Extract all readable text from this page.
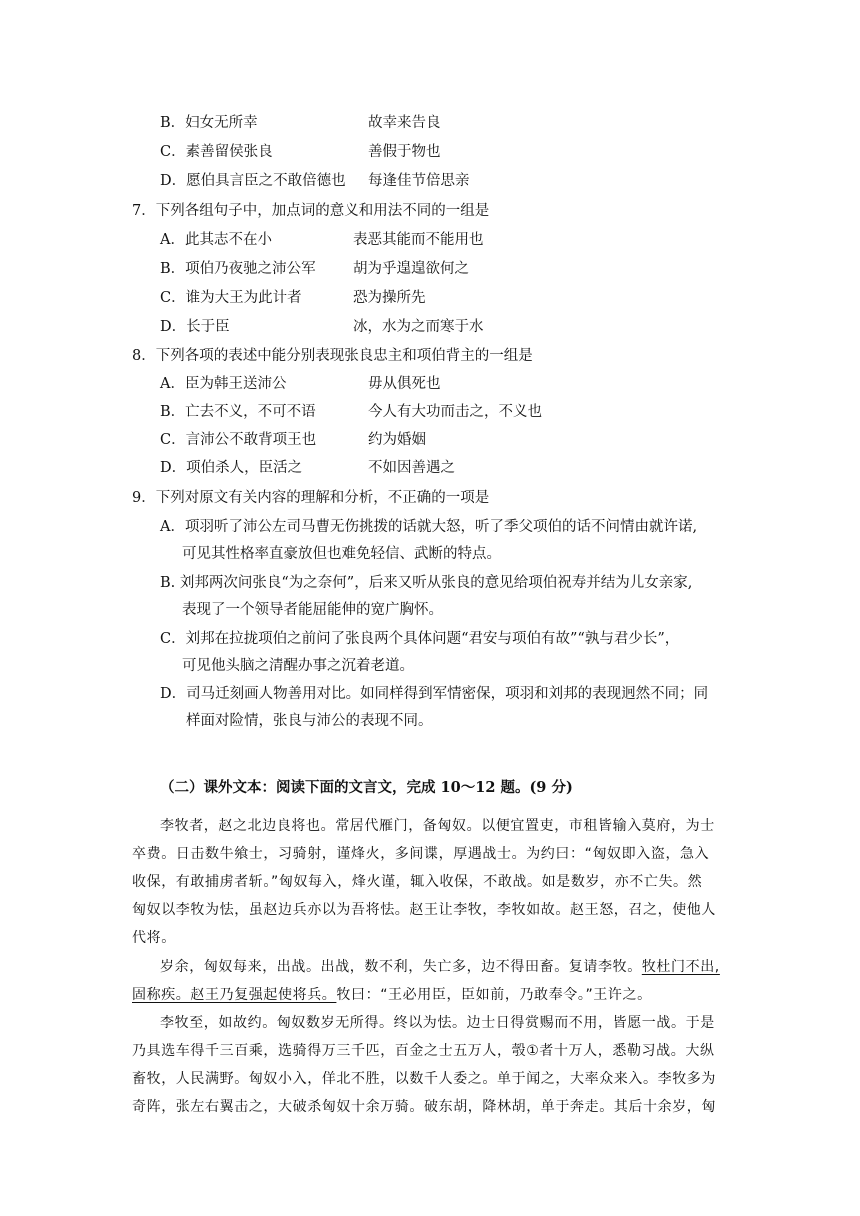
B．妇女无所幸	故幸来告良
C．素善留侯张良	善假于物也
D．愿伯具言臣之不敢倍德也 每逢佳节倍思亲
7．下列各组句子中，加点词的意义和用法不同的一组是
A．此其志不在小	表恶其能而不能用也
B．项伯乃夜驰之沛公军	胡为乎遑遑欲何之
C．谁为大王为此计者	恐为操所先
D．长于臣	冰，水为之而寒于水
8．下列各项的表述中能分别表现张良忠主和项伯背主的一组是
A．臣为韩王送沛公	毋从俱死也
B．亡去不义，不可不语	今人有大功而击之，不义也
C．言沛公不敢背项王也	约为婚姻
D．项伯杀人，臣活之	不如因善遇之
9．下列对原文有关内容的理解和分析，不正确的一项是
A．项羽听了沛公左司马曹无伤挑拨的话就大怒，听了季父项伯的话不问情由就许诺,
可见其性格率直豪放但也难免轻信、武断的特点。
B. 刘邦两次问张良“为之奈何”，后来又听从张良的意见给项伯祝寿并结为儿女亲家,
表现了一个领导者能屈能伸的宽广胸怀。
C．刘邦在拉拢项伯之前问了张良两个具体问题“君安与项伯有故”“孰与君少长”，
可见他头脑之清醒办事之沉着老道。
D．司马迁刻画人物善用对比。如同样得到军情密保，项羽和刘邦的表现迥然不同；同
样面对险情，张良与沛公的表现不同。
（二）课外文本：阅读下面的文言文，完成 10～12 题。(9 分)
李牧者，赵之北边良将也。常居代雁门，备匈奴。以便宜置吏，市租皆输入莫府，为士
卒费。日击数牛飨士，习骑射，谨烽火，多间谍，厚遇战士。为约曰：“匈奴即入盗，急入
收保，有敢捕虏者斩。”匈奴每入，烽火谨，辄入收保，不敢战。如是数岁，亦不亡失。然
匈奴以李牧为怯，虽赵边兵亦以为吾将怯。赵王让李牧，李牧如故。赵王怒，召之，使他人
代将。
岁余，匈奴每来，出战。出战，数不利，失亡多，边不得田畜。复请李牧。牧杜门不出,
固称疾。赵王乃复强起使将兵。牧曰：“王必用臣，臣如前，乃敢奉令。”王许之。
李牧至，如故约。匈奴数岁无所得。终以为怯。边士日得赏赐而不用，皆愿一战。于是
乃具选车得千三百乘，选骑得万三千匹，百金之士五万人，彀①者十万人，悉勒习战。大纵
畜牧，人民满野。匈奴小入，佯北不胜，以数千人委之。单于闻之，大率众来入。李牧多为
奇阵，张左右翼击之，大破杀匈奴十余万骑。破东胡，降林胡，单于奔走。其后十余岁，匈
